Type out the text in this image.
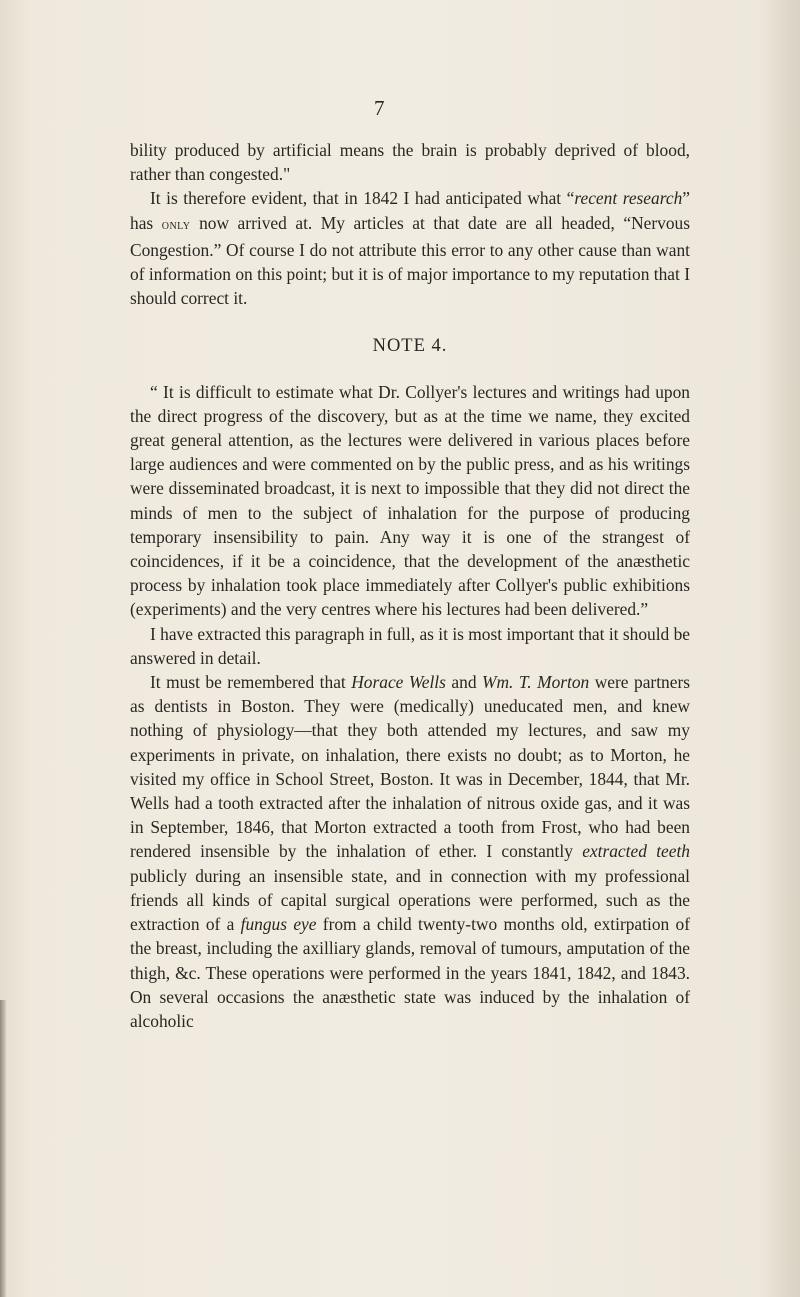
7

bility produced by artificial means the brain is probably deprived of blood, rather than congested."

It is therefore evident, that in 1842 I had anticipated what “recent research” has only now arrived at. My articles at that date are all headed, “Nervous Congestion.” Of course I do not attribute this error to any other cause than want of information on this point; but it is of major importance to my reputation that I should correct it.

NOTE 4.

“ It is difficult to estimate what Dr. Collyer's lectures and writings had upon the direct progress of the discovery, but as at the time we name, they excited great general attention, as the lectures were delivered in various places before large audiences and were commented on by the public press, and as his writings were disseminated broadcast, it is next to impossible that they did not direct the minds of men to the subject of inhalation for the purpose of producing temporary insensibility to pain. Any way it is one of the strangest of coincidences, if it be a coincidence, that the development of the anæsthetic process by inhalation took place immediately after Collyer's public exhibitions (experiments) and the very centres where his lectures had been delivered.”

I have extracted this paragraph in full, as it is most important that it should be answered in detail.

It must be remembered that Horace Wells and Wm. T. Morton were partners as dentists in Boston. They were (medically) uneducated men, and knew nothing of physiology—that they both attended my lectures, and saw my experiments in private, on inhalation, there exists no doubt; as to Morton, he visited my office in School Street, Boston. It was in December, 1844, that Mr. Wells had a tooth extracted after the inhalation of nitrous oxide gas, and it was in September, 1846, that Morton extracted a tooth from Frost, who had been rendered insensible by the inhalation of ether. I constantly extracted teeth publicly during an insensible state, and in connection with my professional friends all kinds of capital surgical operations were performed, such as the extraction of a fungus eye from a child twenty-two months old, extirpation of the breast, including the axilliary glands, removal of tumours, amputation of the thigh, &c. These operations were performed in the years 1841, 1842, and 1843. On several occasions the anæsthetic state was induced by the inhalation of alcoholic
